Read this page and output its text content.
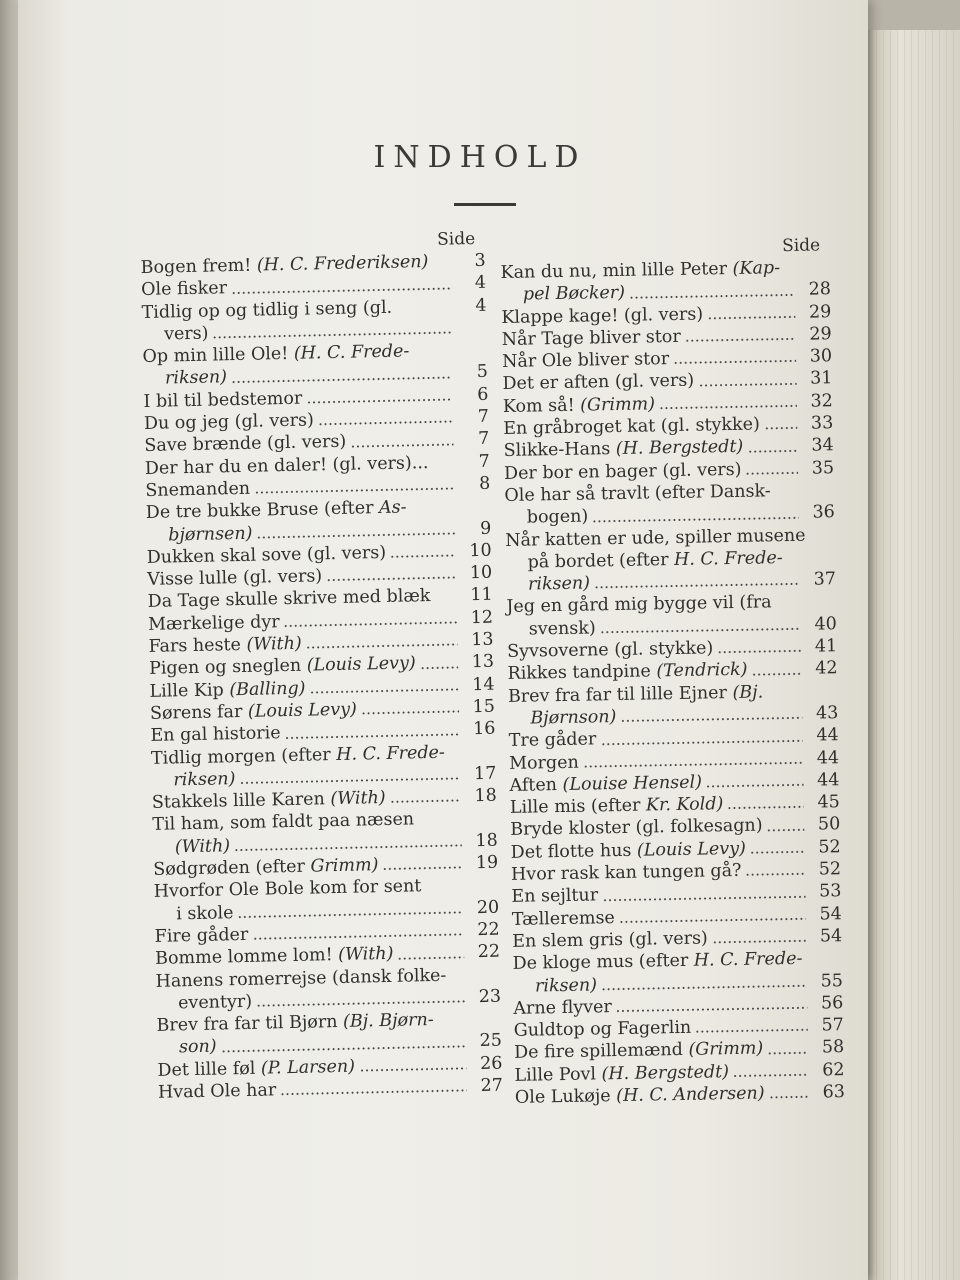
INDHOLD
Side
Bogen frem! (H. C. Frederiksen)	3
Ole fisker	4
Tidlig op og tidlig i seng (gl.	4
vers)
Op min lille Ole! (H. C. Frede-
riksen)	5
I bil til bedstemor	6
Du og jeg (gl. vers)	7
Save brænde (gl. vers)	7
Der har du en daler! (gl. vers)...	7
Snemanden	8
De tre bukke Bruse (efter As-
bjørnsen)	9
Dukken skal sove (gl. vers)	10
Visse lulle (gl. vers)	10
Da Tage skulle skrive med blæk	11
Mærkelige dyr	12
Fars heste (With)	13
Pigen og sneglen (Louis Levy)	13
Lille Kip (Balling)	14
Sørens far (Louis Levy)	15
En gal historie	16
Tidlig morgen (efter H. C. Frede-
riksen)	17
Stakkels lille Karen (With)	18
Til ham, som faldt paa næsen
(With)	18
Sødgrøden (efter Grimm)	19
Hvorfor Ole Bole kom for sent
i skole	20
Fire gåder	22
Bomme lomme lom! (With)	22
Hanens romerrejse (dansk folke-
eventyr)	23
Brev fra far til Bjørn (Bj. Bjørn-
son)	25
Det lille føl (P. Larsen)	26
Hvad Ole har	27
Side
Kan du nu, min lille Peter (Kap-
pel Bøcker)	28
Klappe kage! (gl. vers)	29
Når Tage bliver stor	29
Når Ole bliver stor	30
Det er aften (gl. vers)	31
Kom så! (Grimm)	32
En gråbroget kat (gl. stykke)	33
Slikke-Hans (H. Bergstedt)	34
Der bor en bager (gl. vers)	35
Ole har så travlt (efter Dansk-
bogen)	36
Når katten er ude, spiller musene
på bordet (efter H. C. Frede-
riksen)	37
Jeg en gård mig bygge vil (fra
svensk)	40
Syvsoverne (gl. stykke)	41
Rikkes tandpine (Tendrick)	42
Brev fra far til lille Ejner (Bj.
Bjørnson)	43
Tre gåder	44
Morgen	44
Aften (Louise Hensel)	44
Lille mis (efter Kr. Kold)	45
Bryde kloster (gl. folkesagn)	50
Det flotte hus (Louis Levy)	52
Hvor rask kan tungen gå?	52
En sejltur	53
Tælleremse	54
En slem gris (gl. vers)	54
De kloge mus (efter H. C. Frede-
riksen)	55
Arne flyver	56
Guldtop og Fagerlin	57
De fire spillemænd (Grimm)	58
Lille Povl (H. Bergstedt)	62
Ole Lukøje (H. C. Andersen)	63
